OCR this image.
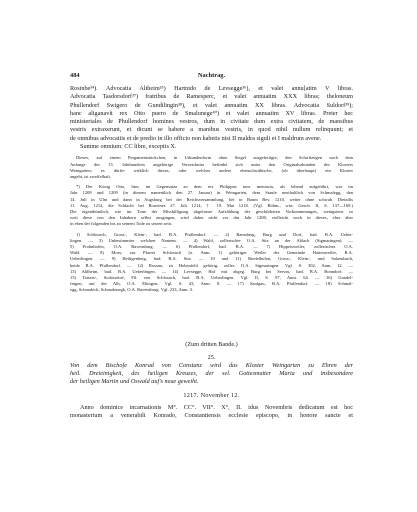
484	Nachtrag.
Rosinbe³⁴). Advocatia Altheim³⁵) Hartnido de Levsegge³⁶), et valet annu[atim V libras.
Advocatia Tasdorsdorf³⁷) fratribus de Ramesperc, et valet annuatim XXX libras; theloneum
Phullendorf Swigero de Gundilingin³⁸), et valet annuatim XX libras. Advocatia Suldorf³⁹);
hanc aliganavit rex Otto puero de Smalunege⁴⁰) et valet annuatim XV libras. Preter hec
ministeriales de Phullendorf homines vestros, dum in civitate dum extra civitatem, de mansibus
vestris extraxerunt, et dicunt se habere a manibus vestris, in quod nihil nullum relinquunt; et
de omnibus advocatiis et de predio in illo officio non habetis nisi II maldra siguli et I maldrum avene.
Summe omnium: CC libre, exceptis X.
Dieses, auf einem Pergamentstückchen, in Urkundenform ohne Siegel ausgefertigte, den Schriftzügen nach dem
Anfange des 13. Jahrhunderts angehörige Verzeichniss befindet sich unter den Originalurkunden des Klosters
Weingarten; es dürfte wirklich dieses, oder welches andere ebenschwäbische, (ob überhaupt) ein Kloster
angeht, ist zweifelhaft.
*) Der König Otto, hier, im Gegensatze zu dem rex Philippus tunc memoria, als lebend aufgeführt, war im
Jahr 1208 und 1209 (in diesem namentlich den 27. Januar) in Weingarten, dem Staufe neuthaltlich von Schmalegg, den
14. Juli in Ulm und dann in Augsburg bei der Reichsversammlung, bei in Baum Bev. 1210, weiter ohne schwab. Dtetailis
11. Aug. 1212, die Schlacht bei Bouvines 27. Juli 1214, † 19. Mai 1218. (Vgl. Böhm., wirt. Gesch. II, S. 137—169.)
Die eigenthümlich, wie im Tone der Missbilligung abgefasste Aufzählung der geschilderten Vorkommnungen, wenigstens so
weit diese von den Inhabern selbst ausgingen, wird daher nicht vor das Jahr 1208, vielleicht noch in dieses, eher aber
in eben der folgenden bis zu seinem Tode zu setzen sein.
1) Schlosoch, Gross-, Klein-, bad. B.A. Pfullendorf. — 2) Ramsberg, Burg und Dorf, bad. B.A. Ueber-
lingen. — 3) Unbestimmter welchen Namens. — 4) Wald, zollerischer O.A. Sitz an der Ablach (Sigmaringen). —
5) Frohnhofen, O.A. Ravensburg. — 6) Pfullendorf, bad. B.A. — 7) Hippetsweiler, zollerisches O.A.
Wald. — 8) Moss, zur Pfarrei Schlosach (a. Anm. 1) gehöriger Weiler der Gemeinde Hattenweiler, B.A.
Ueberlingen. — 9) Heiligenberg, bad. B.A. Sitz. — 10 und 11) Riedelhofen, Gross-, Klein-, und Salzenbach,
beide B.A. Pfullendorf. — 12) Rossna, zu Hohenfeld gehörig, zoller. O.A. Sigmaringen. Vgl. S. 302, Anm. 12. —
13) Ahlheim, bad. B.A. Ueberlingen. — 14) Levsegge, Hof mit abgeg. Burg bei Servas, bad. B.A. Bonndorf. —
15) Taisers-, Sodorsdorf, Fil. von Schlosach, bad. B.A. Ueberlingen. Vgl. II, S. 97, Anm. 64. — 16) Gundel-
fingen, auf der Alb, O.A. Ehingen. Vgl. S. 43, Anm. 8. — 17) Saulgau, B.A. Pfullendorf. — 18) Schmal-
egg, Schmaleck, Schmalenegk, O.A. Ravensburg. Vgl. 233, Anm. 3.
(Zum dritten Bande.)
25.
Von dem Bischofe Konrad von Constanz wird das Kloster Weingarten zu Ehren der
heil. Dreieinigkeit, des heiligen Kreuzes, der sel. Gottesmutter Maria und insbesondere
der heiligen Martin und Oswald auf's neue geweiht.
1217. November 12.
Anno dominice incarnationis M°. CC°. VII°. X°, II. idus Novembris dedicatum est hoc
monasterium a venerabili Konrado, Constantiensis ecclesie episcopo, in honore sancte et
